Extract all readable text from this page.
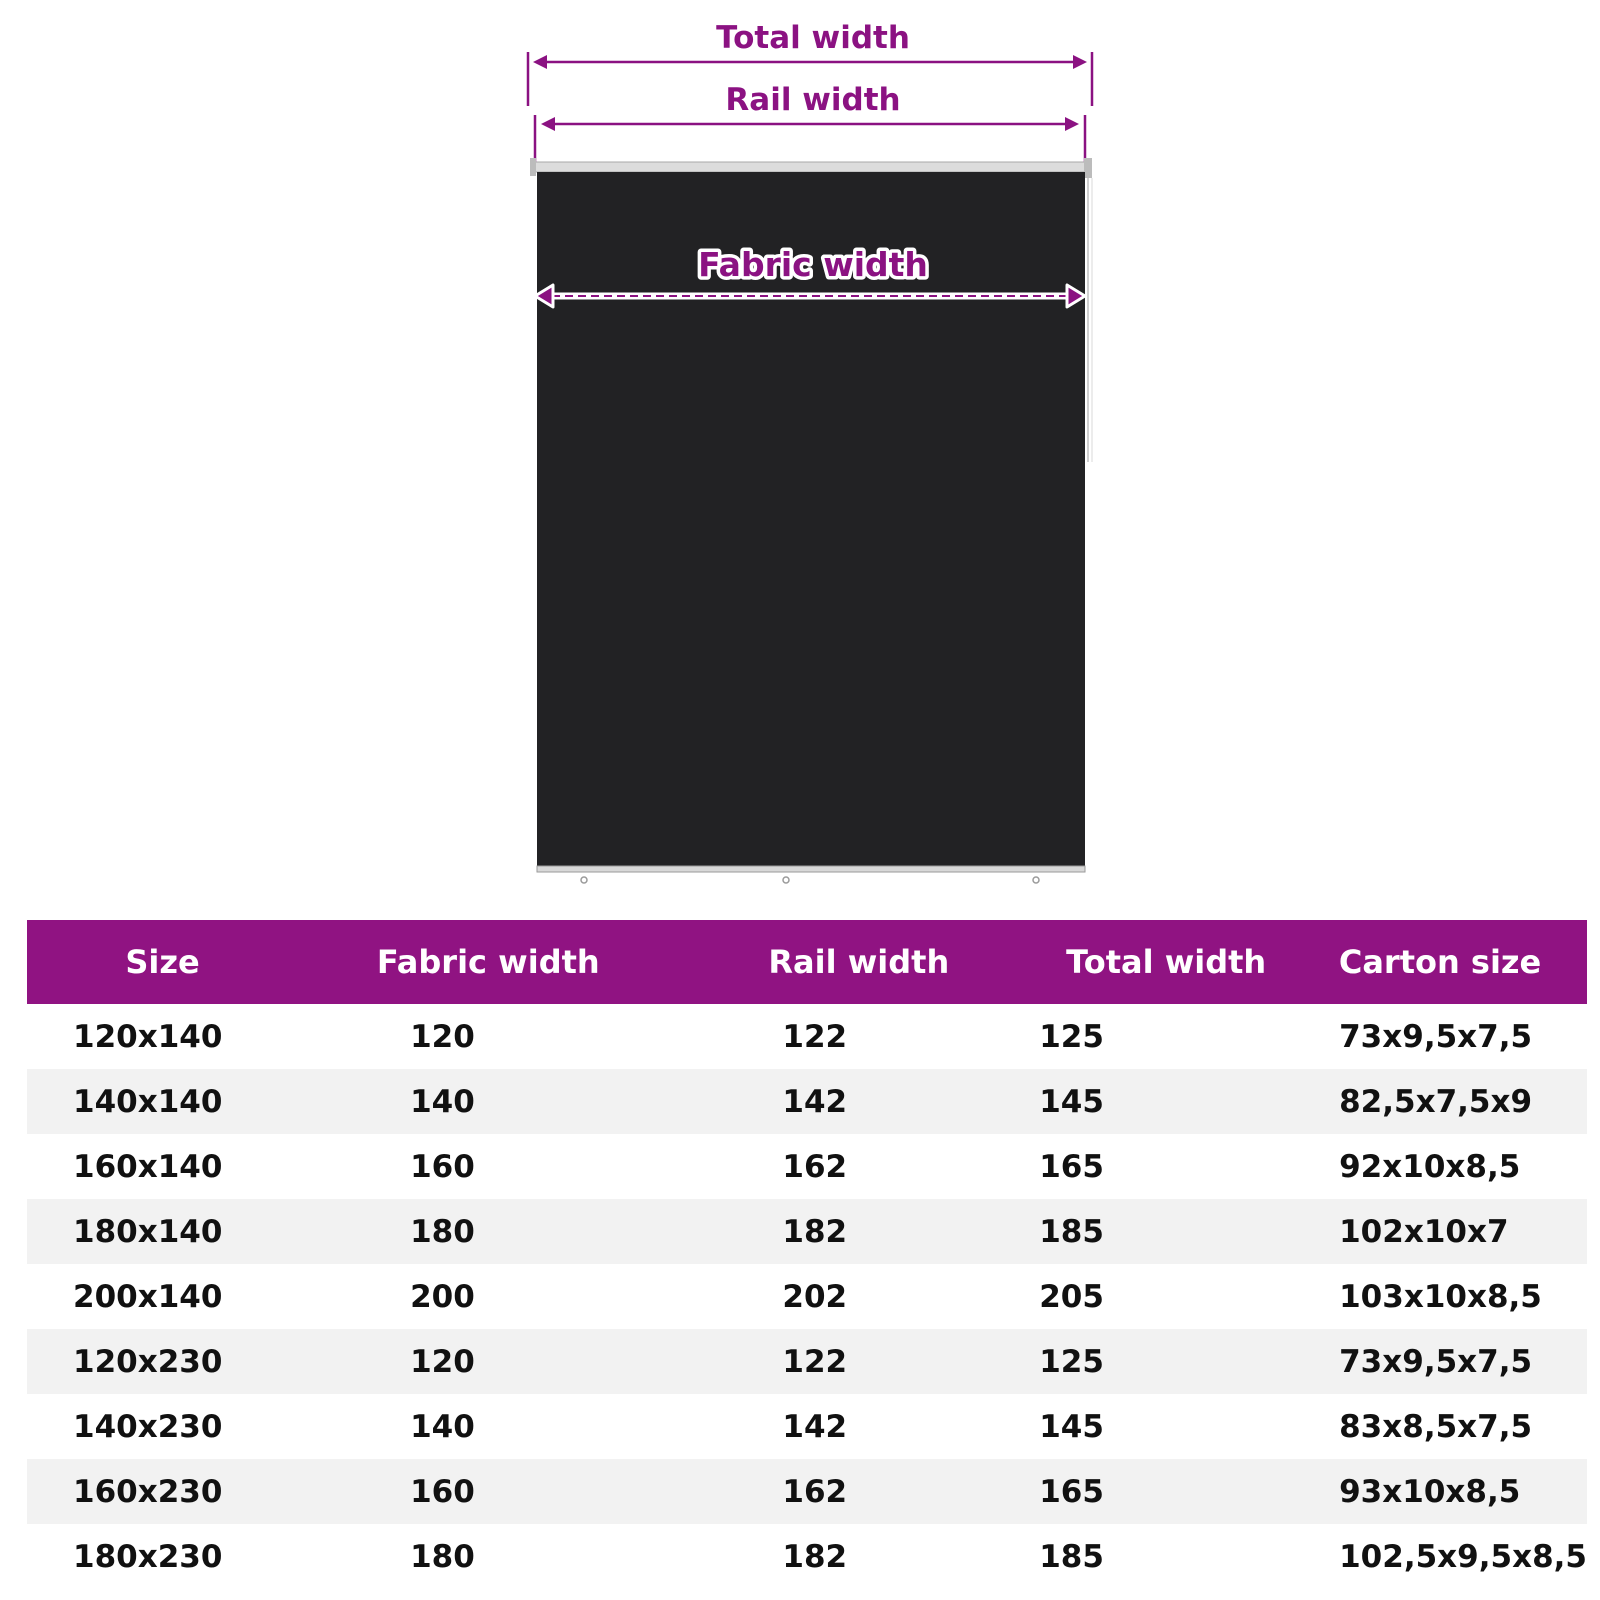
Total width
Rail width
Fabric width
Size	Fabric width	Rail width	Total width	Carton size
120x140	120	122	125	73x9,5x7,5
140x140	140	142	145	82,5x7,5x9
160x140	160	162	165	92x10x8,5
180x140	180	182	185	102x10x7
200x140	200	202	205	103x10x8,5
120x230	120	122	125	73x9,5x7,5
140x230	140	142	145	83x8,5x7,5
160x230	160	162	165	93x10x8,5
180x230	180	182	185	102,5x9,5x8,5
